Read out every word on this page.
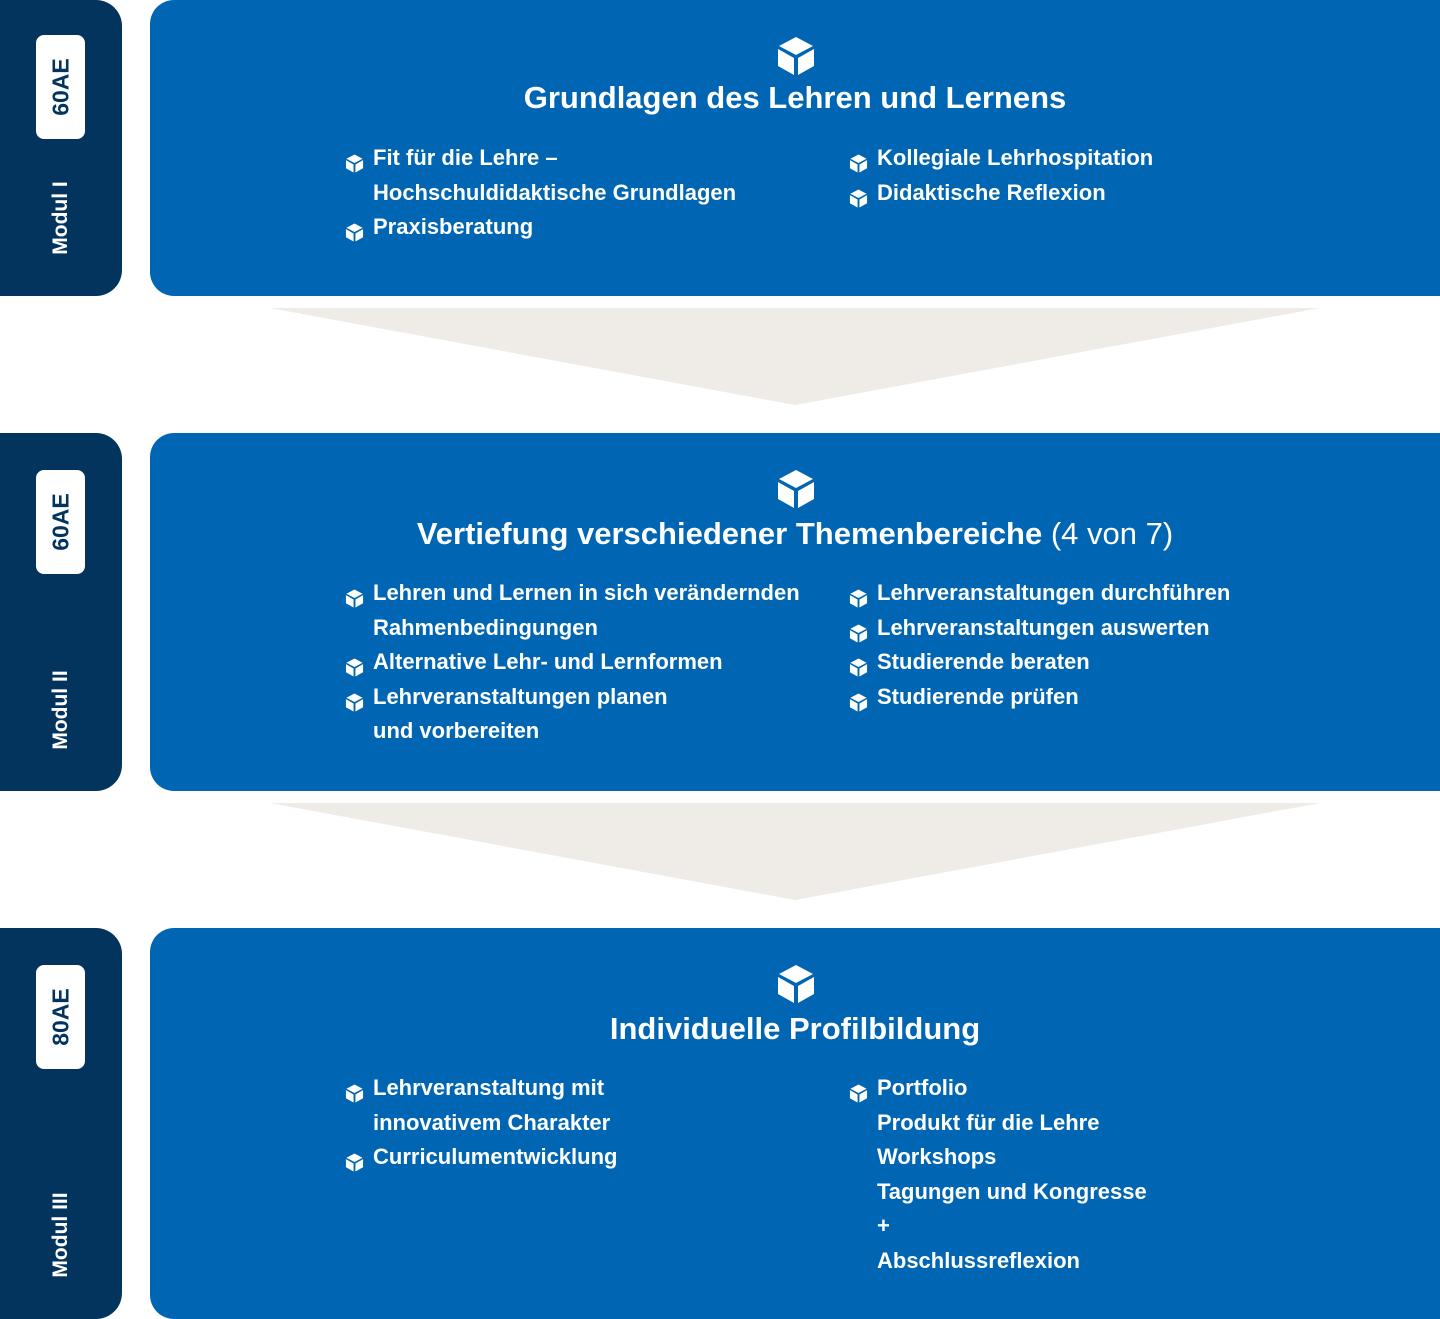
60AE
Modul I
Grundlagen des Lehren und Lernens
Fit für die Lehre –
Hochschuldidaktische Grundlagen
Praxisberatung
Kollegiale Lehrhospitation
Didaktische Reflexion
60AE
Modul II
Vertiefung verschiedener Themenbereiche (4 von 7)
Lehren und Lernen in sich verändernden
Rahmenbedingungen
Alternative Lehr- und Lernformen
Lehrveranstaltungen planen
und vorbereiten
Lehrveranstaltungen durchführen
Lehrveranstaltungen auswerten
Studierende beraten
Studierende prüfen
80AE
Modul III
Individuelle Profilbildung
Lehrveranstaltung mit
innovativem Charakter
Curriculumentwicklung
Portfolio
Produkt für die Lehre
Workshops
Tagungen und Kongresse
+
Abschlussreflexion
